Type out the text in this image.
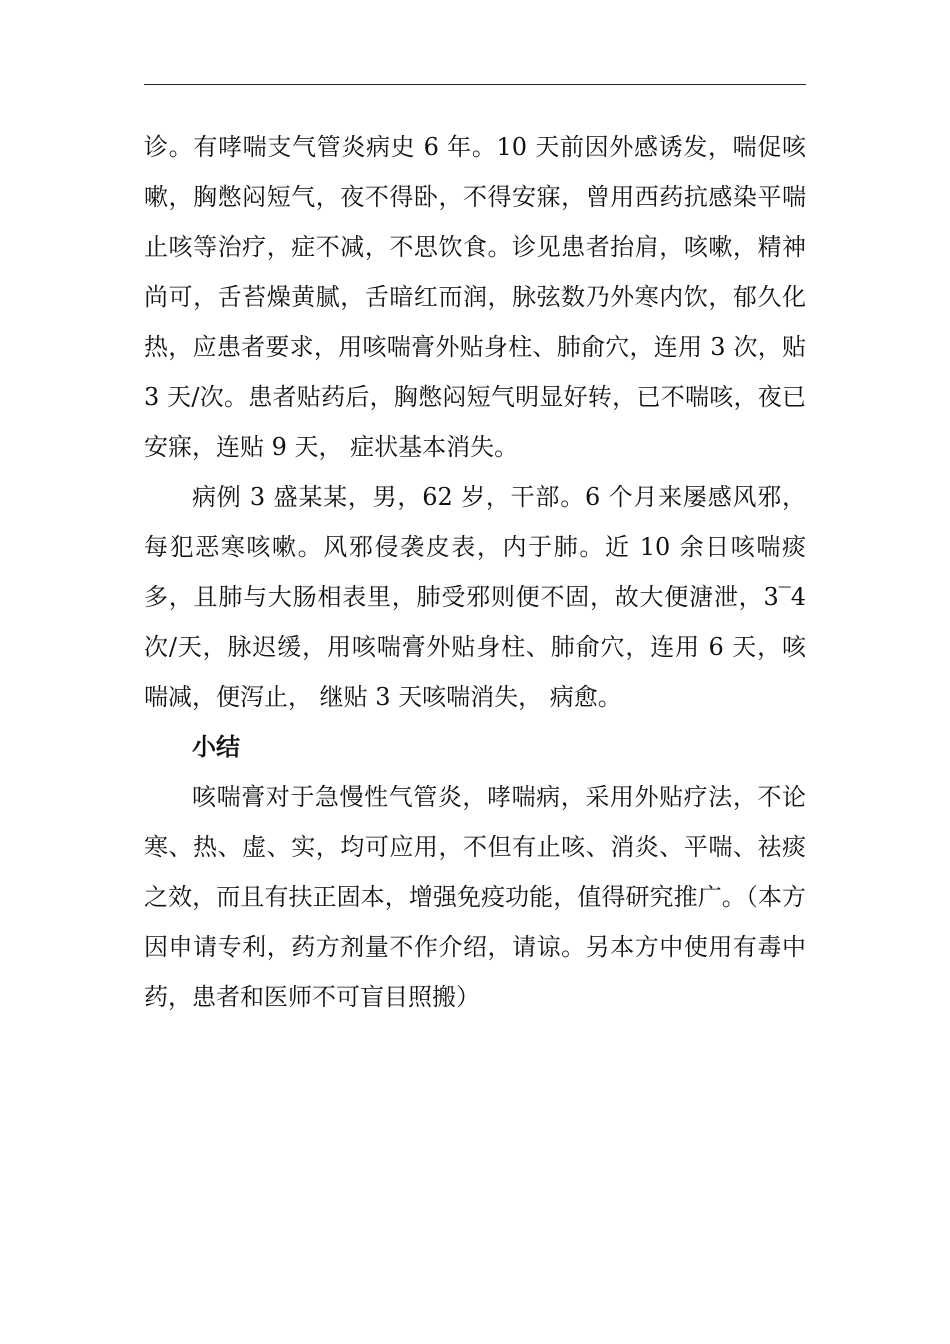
诊。有哮喘支气管炎病史 6 年。10 天前因外感诱发，喘促咳嗽，胸憋闷短气，夜不得卧，不得安寐，曾用西药抗感染平喘止咳等治疗，症不减，不思饮食。诊见患者抬肩，咳嗽，精神尚可，舌苔燥黄腻，舌暗红而润，脉弦数乃外寒内饮，郁久化热，应患者要求，用咳喘膏外贴身柱、肺俞穴，连用 3 次，贴 3 天/次。患者贴药后，胸憋闷短气明显好转，已不喘咳，夜已安寐，连贴 9 天， 症状基本消失。

病例 3 盛某某，男，62 岁，干部。6 个月来屡感风邪，每犯恶寒咳嗽。风邪侵袭皮表，内于肺。近 10 余日咳喘痰多，且肺与大肠相表里，肺受邪则便不固，故大便溏泄，3‾4 次/天，脉迟缓，用咳喘膏外贴身柱、肺俞穴，连用 6 天，咳喘减，便泻止， 继贴 3 天咳喘消失， 病愈。

小结

咳喘膏对于急慢性气管炎，哮喘病，采用外贴疗法，不论寒、热、虚、实，均可应用，不但有止咳、消炎、平喘、祛痰之效，而且有扶正固本，增强免疫功能，值得研究推广。（本方因申请专利，药方剂量不作介绍，请谅。另本方中使用有毒中药，患者和医师不可盲目照搬）
